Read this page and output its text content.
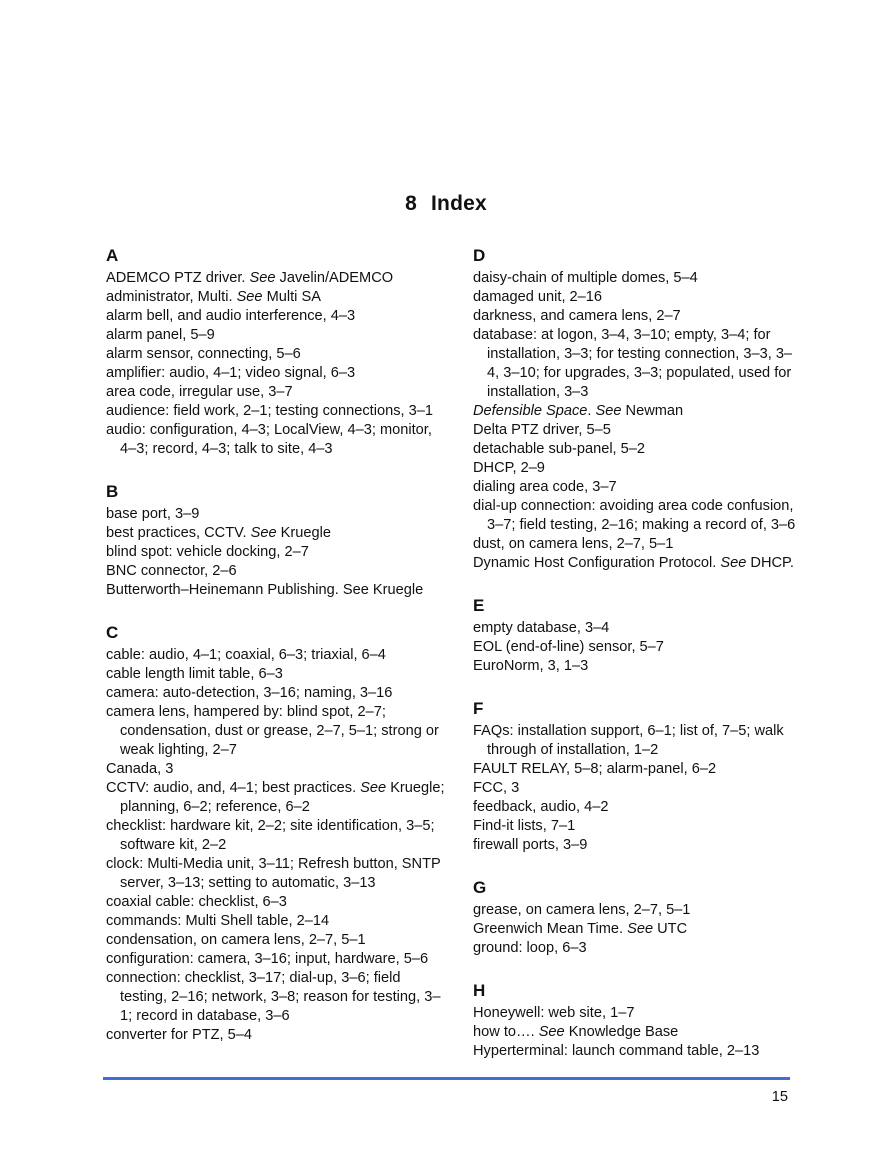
8 Index
A
ADEMCO PTZ driver. See Javelin/ADEMCO
administrator, Multi. See Multi SA
alarm bell, and audio interference, 4–3
alarm panel, 5–9
alarm sensor, connecting, 5–6
amplifier: audio, 4–1; video signal, 6–3
area code, irregular use, 3–7
audience: field work, 2–1; testing connections, 3–1
audio: configuration, 4–3; LocalView, 4–3; monitor, 4–3; record, 4–3; talk to site, 4–3
B
base port, 3–9
best practices, CCTV. See Kruegle
blind spot: vehicle docking, 2–7
BNC connector, 2–6
Butterworth–Heinemann Publishing. See Kruegle
C
cable: audio, 4–1; coaxial, 6–3; triaxial, 6–4
cable length limit table, 6–3
camera: auto-detection, 3–16; naming, 3–16
camera lens, hampered by: blind spot, 2–7; condensation, dust or grease, 2–7, 5–1; strong or weak lighting, 2–7
Canada, 3
CCTV: audio, and, 4–1; best practices. See Kruegle; planning, 6–2; reference, 6–2
checklist: hardware kit, 2–2; site identification, 3–5; software kit, 2–2
clock: Multi-Media unit, 3–11; Refresh button, SNTP server, 3–13; setting to automatic, 3–13
coaxial cable: checklist, 6–3
commands: Multi Shell table, 2–14
condensation, on camera lens, 2–7, 5–1
configuration: camera, 3–16; input, hardware, 5–6
connection: checklist, 3–17; dial-up, 3–6; field testing, 2–16; network, 3–8; reason for testing, 3–1; record in database, 3–6
converter for PTZ, 5–4
D
daisy-chain of multiple domes, 5–4
damaged unit, 2–16
darkness, and camera lens, 2–7
database: at logon, 3–4, 3–10; empty, 3–4; for installation, 3–3; for testing connection, 3–3, 3–4, 3–10; for upgrades, 3–3; populated, used for installation, 3–3
Defensible Space. See Newman
Delta PTZ driver, 5–5
detachable sub-panel, 5–2
DHCP, 2–9
dialing area code, 3–7
dial-up connection: avoiding area code confusion, 3–7; field testing, 2–16; making a record of, 3–6
dust, on camera lens, 2–7, 5–1
Dynamic Host Configuration Protocol. See DHCP.
E
empty database, 3–4
EOL (end-of-line) sensor, 5–7
EuroNorm, 3, 1–3
F
FAQs: installation support, 6–1; list of, 7–5; walk through of installation, 1–2
FAULT RELAY, 5–8; alarm-panel, 6–2
FCC, 3
feedback, audio, 4–2
Find-it lists, 7–1
firewall ports, 3–9
G
grease, on camera lens, 2–7, 5–1
Greenwich Mean Time. See UTC
ground: loop, 6–3
H
Honeywell: web site, 1–7
how to…. See Knowledge Base
Hyperterminal: launch command table, 2–13
15
